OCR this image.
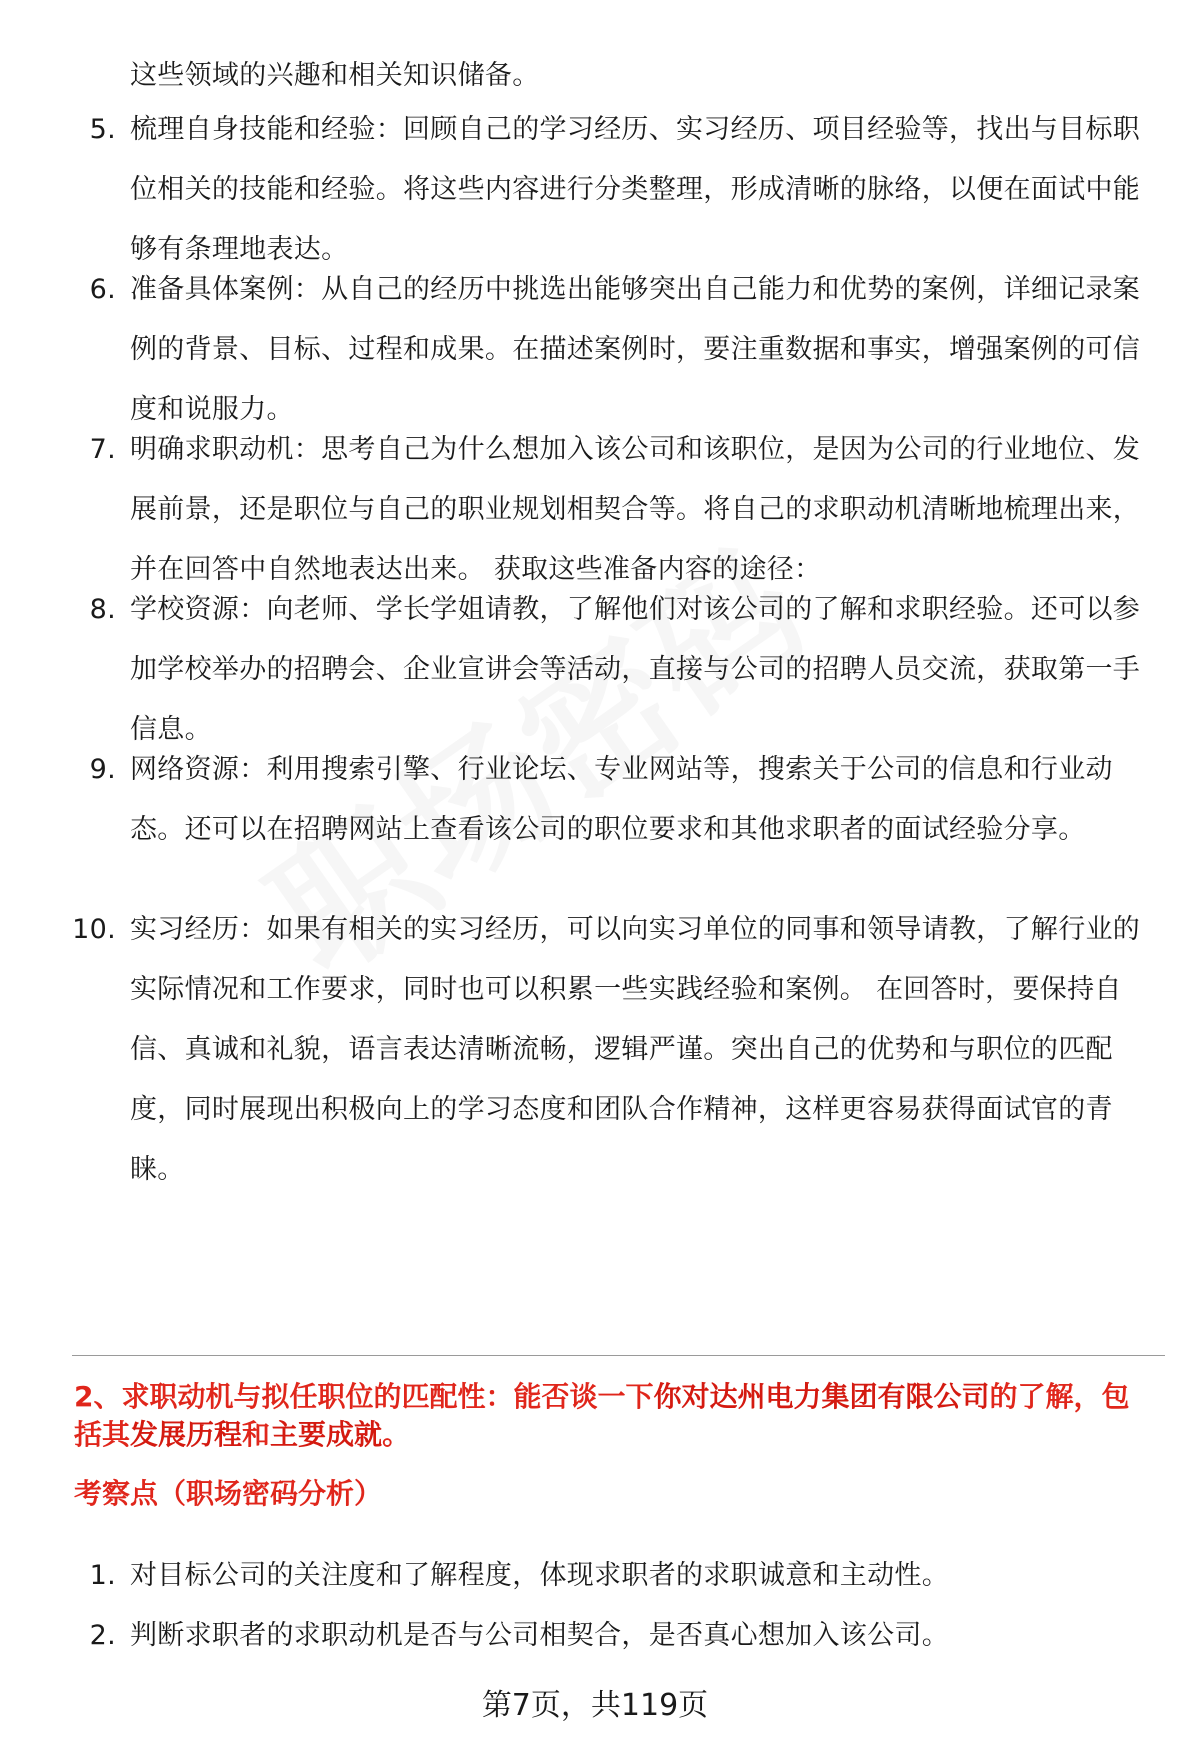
这些领域的兴趣和相关知识储备。
5. 梳理自身技能和经验：回顾自己的学习经历、实习经历、项目经验等，找出与目标职位相关的技能和经验。将这些内容进行分类整理，形成清晰的脉络，以便在面试中能够有条理地表达。
6. 准备具体案例：从自己的经历中挑选出能够突出自己能力和优势的案例，详细记录案例的背景、目标、过程和成果。在描述案例时，要注重数据和事实，增强案例的可信度和说服力。
7. 明确求职动机：思考自己为什么想加入该公司和该职位，是因为公司的行业地位、发展前景，还是职位与自己的职业规划相契合等。将自己的求职动机清晰地梳理出来，并在回答中自然地表达出来。 获取这些准备内容的途径：
8. 学校资源：向老师、学长学姐请教，了解他们对该公司的了解和求职经验。还可以参加学校举办的招聘会、企业宣讲会等活动，直接与公司的招聘人员交流，获取第一手信息。
9. 网络资源：利用搜索引擎、行业论坛、专业网站等，搜索关于公司的信息和行业动态。还可以在招聘网站上查看该公司的职位要求和其他求职者的面试经验分享。
10. 实习经历：如果有相关的实习经历，可以向实习单位的同事和领导请教，了解行业的实际情况和工作要求，同时也可以积累一些实践经验和案例。 在回答时，要保持自信、真诚和礼貌，语言表达清晰流畅，逻辑严谨。突出自己的优势和与职位的匹配度，同时展现出积极向上的学习态度和团队合作精神，这样更容易获得面试官的青睐。
2、求职动机与拟任职位的匹配性：能否谈一下你对达州电力集团有限公司的了解，包括其发展历程和主要成就。
考察点（职场密码分析）
1. 对目标公司的关注度和了解程度，体现求职者的求职诚意和主动性。
2. 判断求职者的求职动机是否与公司相契合，是否真心想加入该公司。
第7页，共119页
